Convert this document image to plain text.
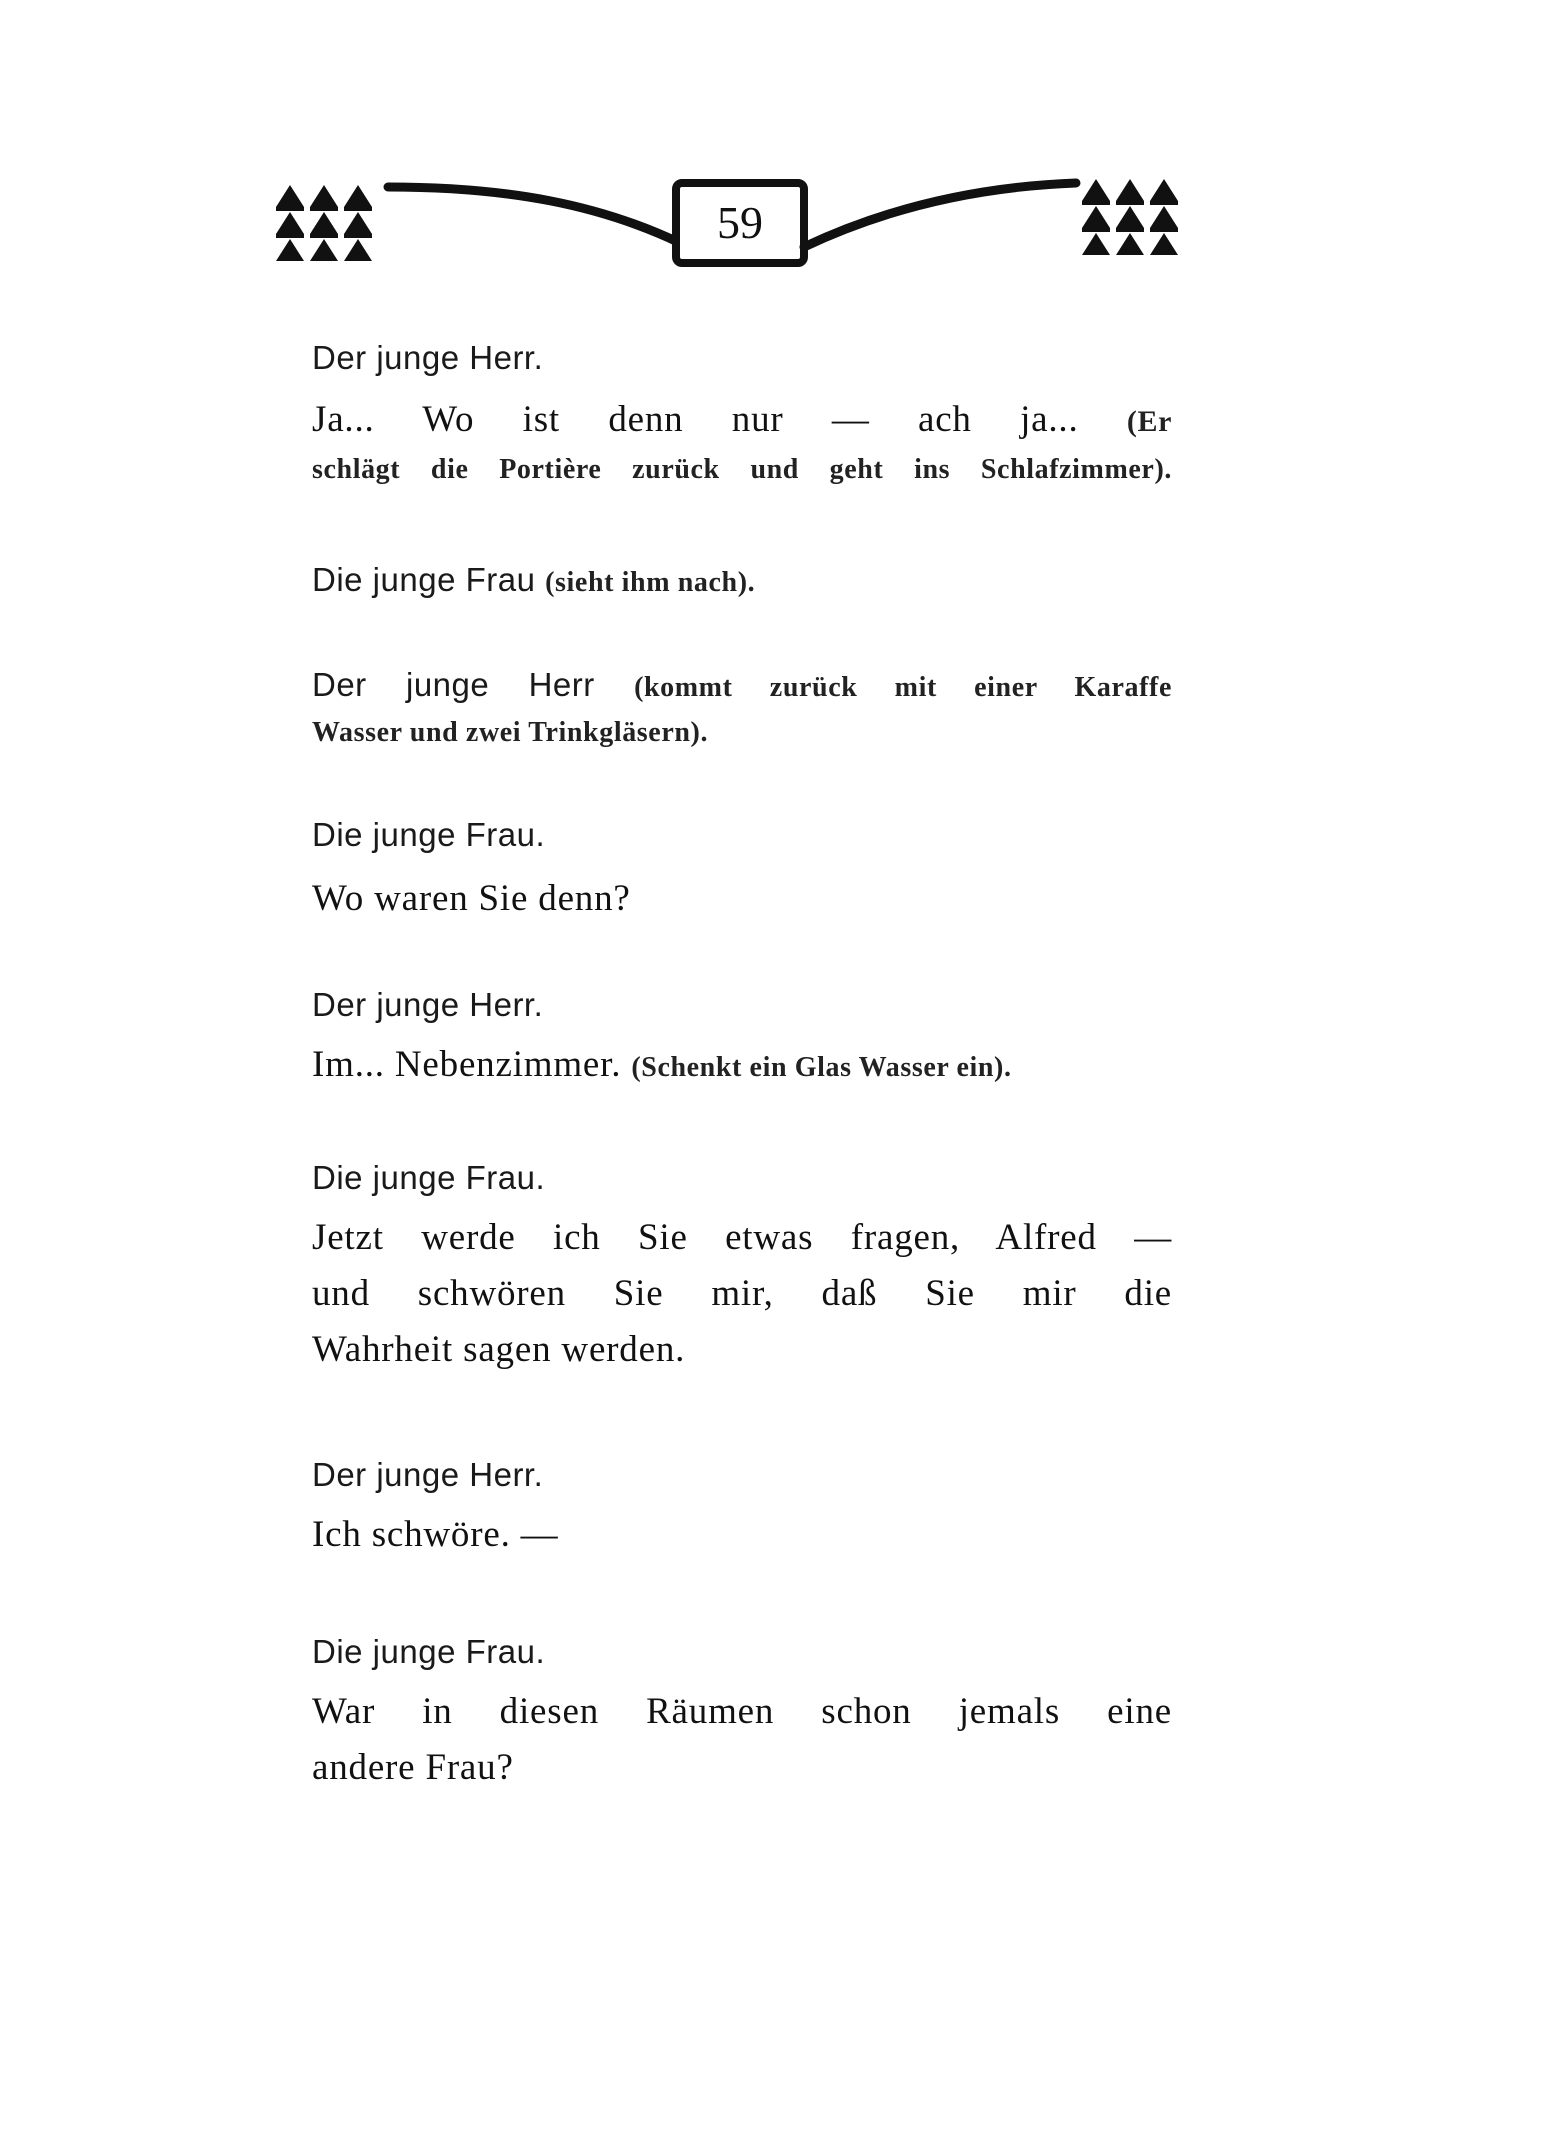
59
Der junge Herr.
Ja... Wo ist denn nur — ach ja... (Er
schlägt die Portière zurück und geht ins Schlafzimmer).
Die junge Frau (sieht ihm nach).
Der junge Herr (kommt zurück mit einer Karaffe
Wasser und zwei Trinkgläsern).
Die junge Frau.
Wo waren Sie denn?
Der junge Herr.
Im... Nebenzimmer. (Schenkt ein Glas Wasser ein).
Die junge Frau.
Jetzt werde ich Sie etwas fragen, Alfred —
und schwören Sie mir, daß Sie mir die
Wahrheit sagen werden.
Der junge Herr.
Ich schwöre. —
Die junge Frau.
War in diesen Räumen schon jemals eine
andere Frau?
